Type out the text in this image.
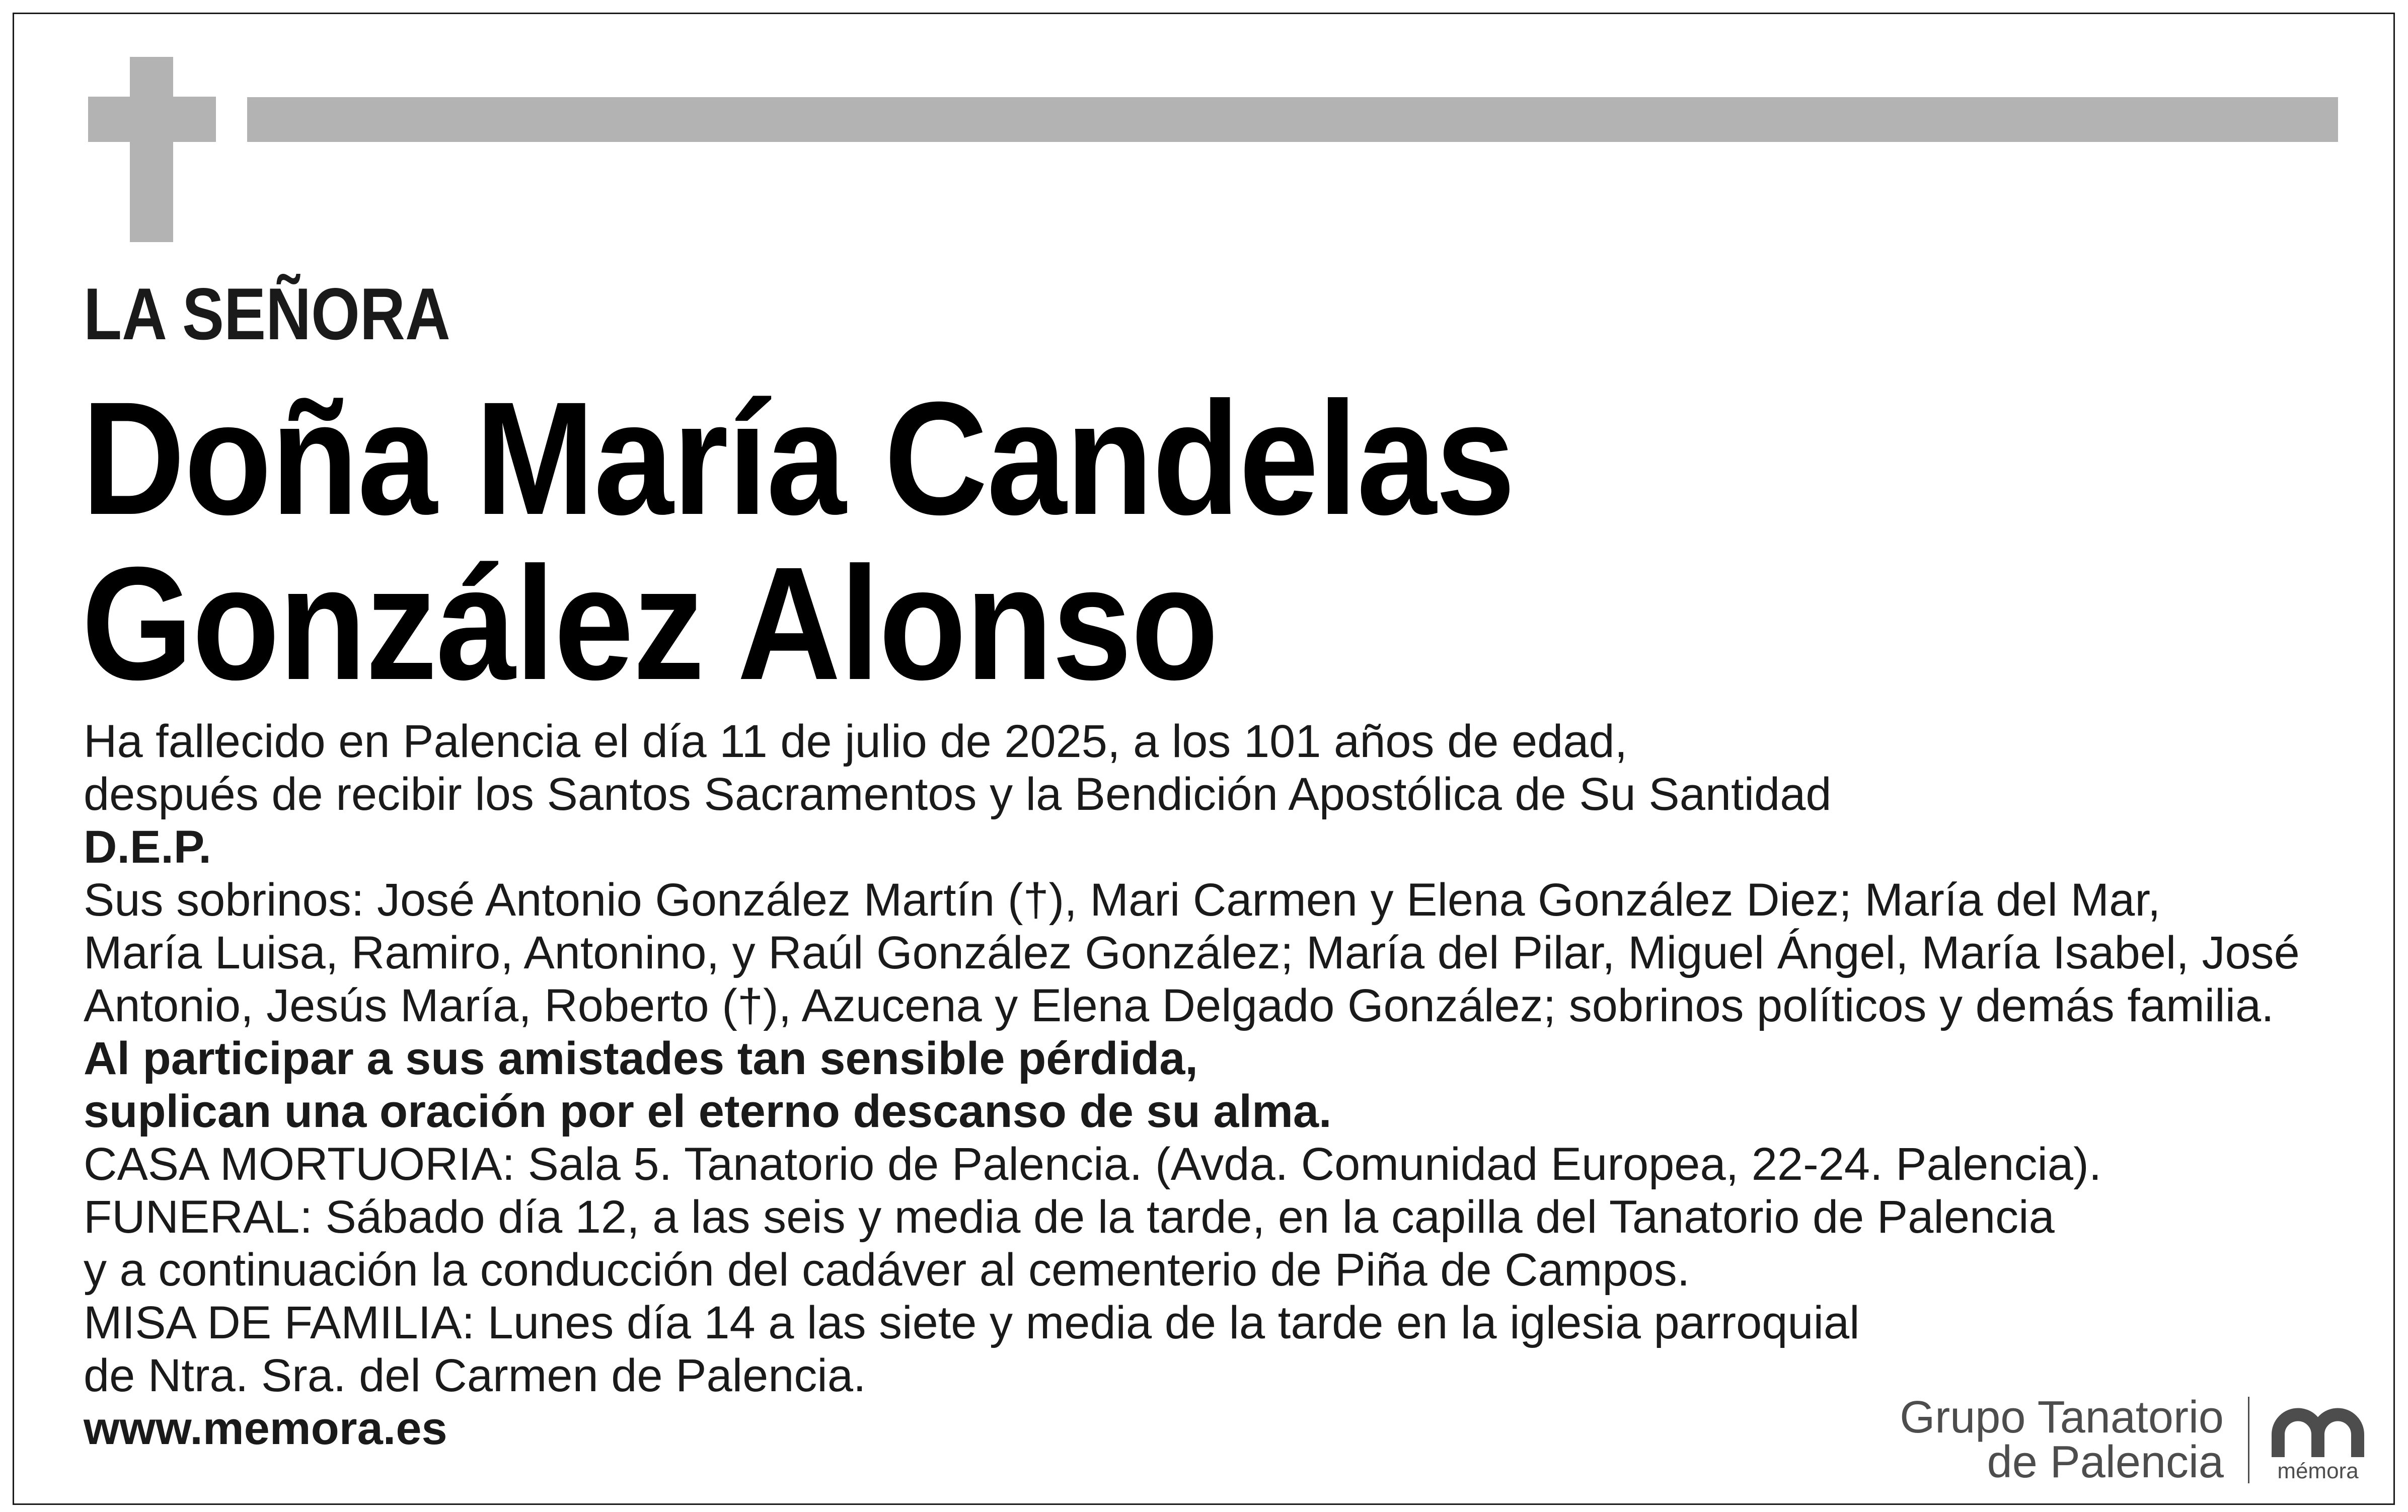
LA SEÑORA
Doña María Candelas
González Alonso
Ha fallecido en Palencia el día 11 de julio de 2025, a los 101 años de edad,
después de recibir los Santos Sacramentos y la Bendición Apostólica de Su Santidad
D.E.P.
Sus sobrinos: José Antonio González Martín (†), Mari Carmen y Elena González Diez; María del Mar,
María Luisa, Ramiro, Antonino, y Raúl González González; María del Pilar, Miguel Ángel, María Isabel, José
Antonio, Jesús María, Roberto (†), Azucena y Elena Delgado González; sobrinos políticos y demás familia.
Al participar a sus amistades tan sensible pérdida,
suplican una oración por el eterno descanso de su alma.
CASA MORTUORIA: Sala 5. Tanatorio de Palencia. (Avda. Comunidad Europea, 22-24. Palencia).
FUNERAL: Sábado día 12, a las seis y media de la tarde, en la capilla del Tanatorio de Palencia
y a continuación la conducción del cadáver al cementerio de Piña de Campos.
MISA DE FAMILIA: Lunes día 14 a las siete y media de la tarde en la iglesia parroquial
de Ntra. Sra. del Carmen de Palencia.
www.memora.es	Grupo Tanatorio
de Palencia mémora
